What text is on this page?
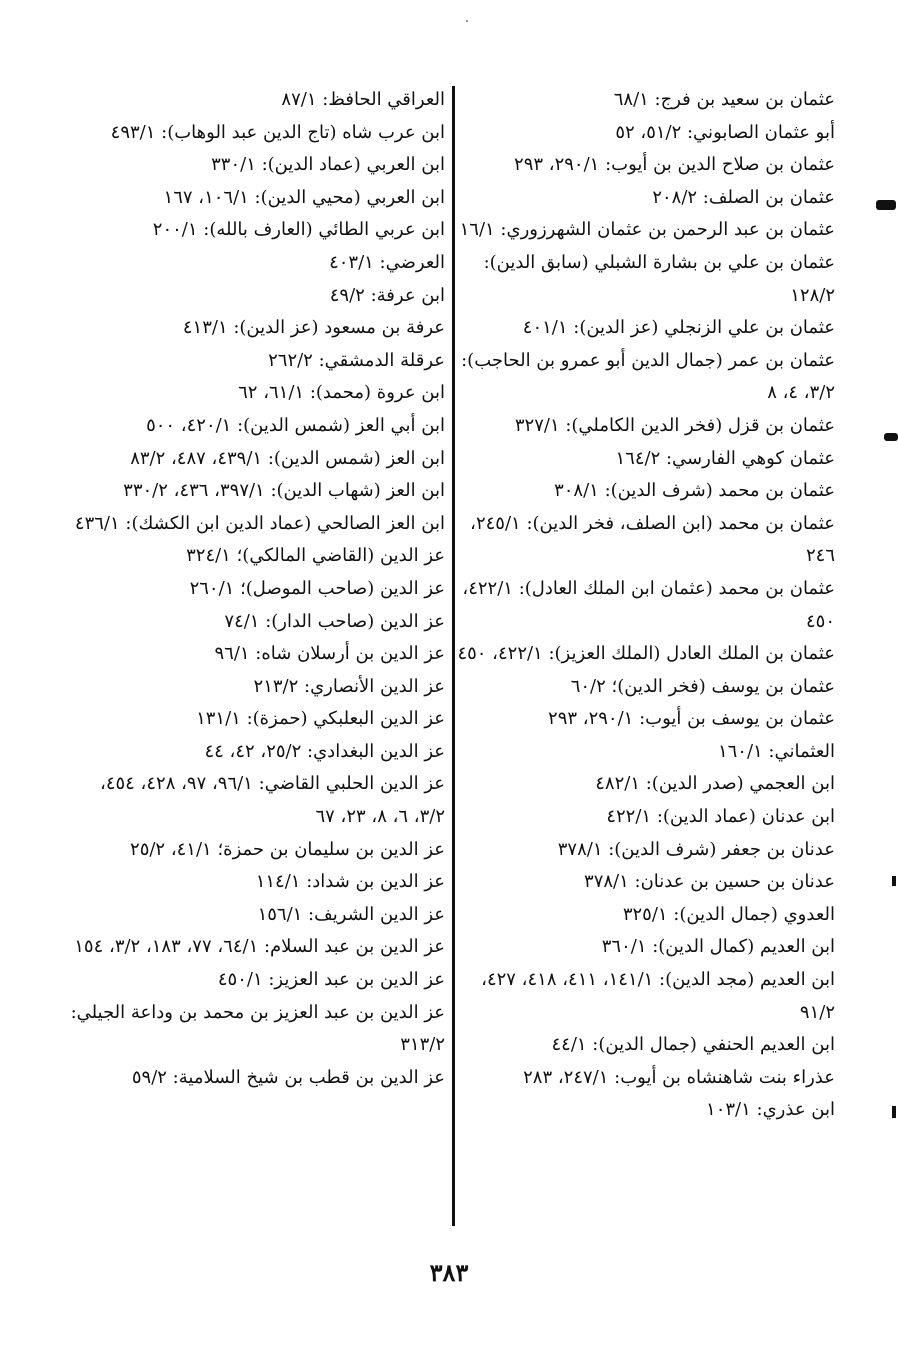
عثمان بن سعيد بن فرج: ٦٨/١

أبو عثمان الصابوني: ٥١/٢، ٥٢

عثمان بن صلاح الدين بن أيوب: ٢٩٠/١، ٢٩٣

عثمان بن الصلف: ٢٠٨/٢

عثمان بن عبد الرحمن بن عثمان الشهرزوري: ١٦/١

عثمان بن علي بن بشارة الشبلي (سابق الدين): ١٢٨/٢

عثمان بن علي الزنجلي (عز الدين): ٤٠١/١

عثمان بن عمر (جمال الدين أبو عمرو بن الحاجب): ٣/٢، ٤، ٨

عثمان بن قزل (فخر الدين الكاملي): ٣٢٧/١

عثمان كوهي الفارسي: ١٦٤/٢

عثمان بن محمد (شرف الدين): ٣٠٨/١

عثمان بن محمد (ابن الصلف، فخر الدين): ٢٤٥/١، ٢٤٦

عثمان بن محمد (عثمان ابن الملك العادل): ٤٢٢/١، ٤٥٠

عثمان بن الملك العادل (الملك العزيز): ٤٢٢/١، ٤٥٠

عثمان بن يوسف (فخر الدين)؛ ٦٠/٢

عثمان بن يوسف بن أيوب: ٢٩٠/١، ٢٩٣

العثماني: ١٦٠/١

ابن العجمي (صدر الدين): ٤٨٢/١

ابن عدنان (عماد الدين): ٤٢٢/١

عدنان بن جعفر (شرف الدين): ٣٧٨/١

عدنان بن حسين بن عدنان: ٣٧٨/١

العدوي (جمال الدين): ٣٢٥/١

ابن العديم (كمال الدين): ٣٦٠/١

ابن العديم (مجد الدين): ١٤١/١، ٤١١، ٤١٨، ٤٢٧، ٩١/٢

ابن العديم الحنفي (جمال الدين): ٤٤/١

عذراء بنت شاهنشاه بن أيوب: ٢٤٧/١، ٢٨٣

ابن عذري: ١٠٣/١

العراقي الحافظ: ٨٧/١

ابن عرب شاه (تاج الدين عبد الوهاب): ٤٩٣/١

ابن العربي (عماد الدين): ٣٣٠/١

ابن العربي (محيي الدين): ١٠٦/١، ١٦٧

ابن عربي الطائي (العارف بالله): ٢٠٠/١

العرضي: ٤٠٣/١

ابن عرفة: ٤٩/٢

عرفة بن مسعود (عز الدين): ٤١٣/١

عرقلة الدمشقي: ٢٦٢/٢

ابن عروة (محمد): ٦١/١، ٦٢

ابن أبي العز (شمس الدين): ٤٢٠/١، ٥٠٠

ابن العز (شمس الدين): ٤٣٩/١، ٤٨٧، ٨٣/٢

ابن العز (شهاب الدين): ٣٩٧/١، ٤٣٦، ٣٣٠/٢

ابن العز الصالحي (عماد الدين ابن الكشك): ٤٣٦/١

عز الدين (القاضي المالكي)؛ ٣٢٤/١

عز الدين (صاحب الموصل)؛ ٢٦٠/١

عز الدين (صاحب الدار): ٧٤/١

عز الدين بن أرسلان شاه: ٩٦/١

عز الدين الأنصاري: ٢١٣/٢

عز الدين البعلبكي (حمزة): ١٣١/١

عز الدين البغدادي: ٢٥/٢، ٤٢، ٤٤

عز الدين الحلبي القاضي: ٩٦/١، ٩٧، ٤٢٨، ٤٥٤، ٣/٢، ٦، ٨، ٢٣، ٦٧

عز الدين بن سليمان بن حمزة؛ ٤١/١، ٢٥/٢

عز الدين بن شداد: ١١٤/١

عز الدين الشريف: ١٥٦/١

عز الدين بن عبد السلام: ٦٤/١، ٧٧، ١٨٣، ٣/٢، ١٥٤

عز الدين بن عبد العزيز: ٤٥٠/١

عز الدين بن عبد العزيز بن محمد بن وداعة الجيلي: ٣١٣/٢

عز الدين بن قطب بن شيخ السلامية: ٥٩/٢

٣٨٣
